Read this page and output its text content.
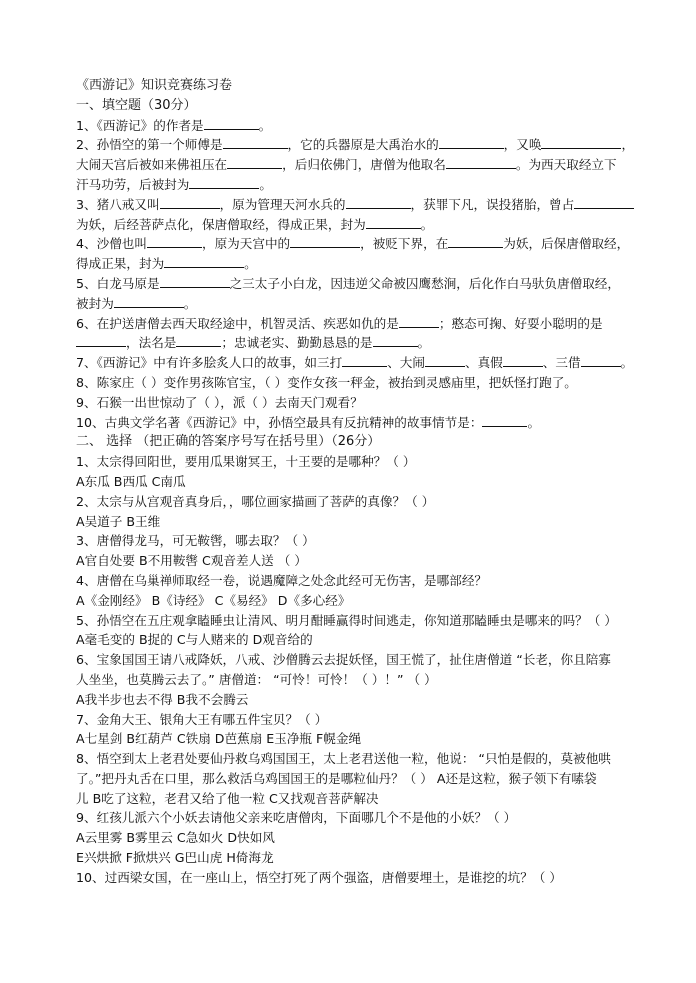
《西游记》知识竞赛练习卷
一、填空题（30分）
1、《西游记》的作者是	。
2、孙悟空的第一个师傅是	，它的兵器原是大禹治水的	，又唤	，
大闹天宫后被如来佛祖压在	，后归依佛门，唐僧为他取名	。为西天取经立下
汗马功劳，后被封为	。
3、猪八戒又叫	，原为管理天河水兵的	，获罪下凡，误投猪胎，曾占
为妖，后经菩萨点化，保唐僧取经，得成正果，封为	。
4、沙僧也叫	，原为天宫中的	，被贬下界，在	为妖，后保唐僧取经，
得成正果，封为	。
5、白龙马原是	之三太子小白龙，因违逆父命被囚鹰愁涧，后化作白马驮负唐僧取经，
被封为	。
6、在护送唐僧去西天取经途中，机智灵活、疾恶如仇的是	；憨态可掬、好耍小聪明的是
，法名是	；忠诚老实、勤勤恳恳的是	。
7、《西游记》中有许多脍炙人口的故事，如三打	、大闹	、真假	、三借	。
8、陈家庄（ ）变作男孩陈官宝，（ ）变作女孩一秤金，被抬到灵感庙里，把妖怪打跑了。
9、石猴一出世惊动了（ ），派（ ）去南天门观看？
10、古典文学名著《西游记》中，孙悟空最具有反抗精神的故事情节是：	。
二、 选择 （把正确的答案序号写在括号里）（26分）
1、太宗得回阳世，要用瓜果谢冥王，十王要的是哪种？（ ）
A东瓜 B西瓜 C南瓜
2、太宗与从宫观音真身后，，哪位画家描画了菩萨的真像？（ ）
A吴道子 B王维
3、唐僧得龙马，可无鞍辔，哪去取？（ ）
A官自处要 B不用鞍辔 C观音差人送 （ ）
4、唐僧在乌巢禅师取经一卷，说遇魔障之处念此经可无伤害，是哪部经？
A《金刚经》 B《诗经》 C《易经》 D《多心经》
5、孙悟空在五庄观拿瞌睡虫让清风、明月酣睡赢得时间逃走，你知道那瞌睡虫是哪来的吗？（ ）
A毫毛变的 B捉的 C与人赌来的 D观音给的
6、宝象国国王请八戒降妖，八戒、沙僧腾云去捉妖怪，国王慌了，扯住唐僧道 “长老，你且陪寡
人坐坐，也莫腾云去了。” 唐僧道： “可怜！可怜！（ ）！” （ ）
A我半步也去不得 B我不会腾云
7、金角大王、银角大王有哪五件宝贝？（ ）
A七星剑 B红葫芦 C铁扇 D芭蕉扇 E玉净瓶 F幌金绳
8、悟空到太上老君处要仙丹救乌鸡国国王，太上老君送他一粒，他说： “只怕是假的，莫被他哄
了。”把丹丸舌在口里，那么救活乌鸡国国王的是哪粒仙丹？（ ） A还是这粒，猴子领下有嗉袋
儿 B吃了这粒，老君又给了他一粒 C又找观音菩萨解决
9、红孩儿派六个小妖去请他父亲来吃唐僧肉，下面哪几个不是他的小妖？（ ）
A云里雾 B雾里云 C急如火 D快如风
E兴烘掀 F掀烘兴 G巴山虎 H倚海龙
10、过西梁女国，在一座山上，悟空打死了两个强盗，唐僧要埋土，是谁挖的坑？（ ）
